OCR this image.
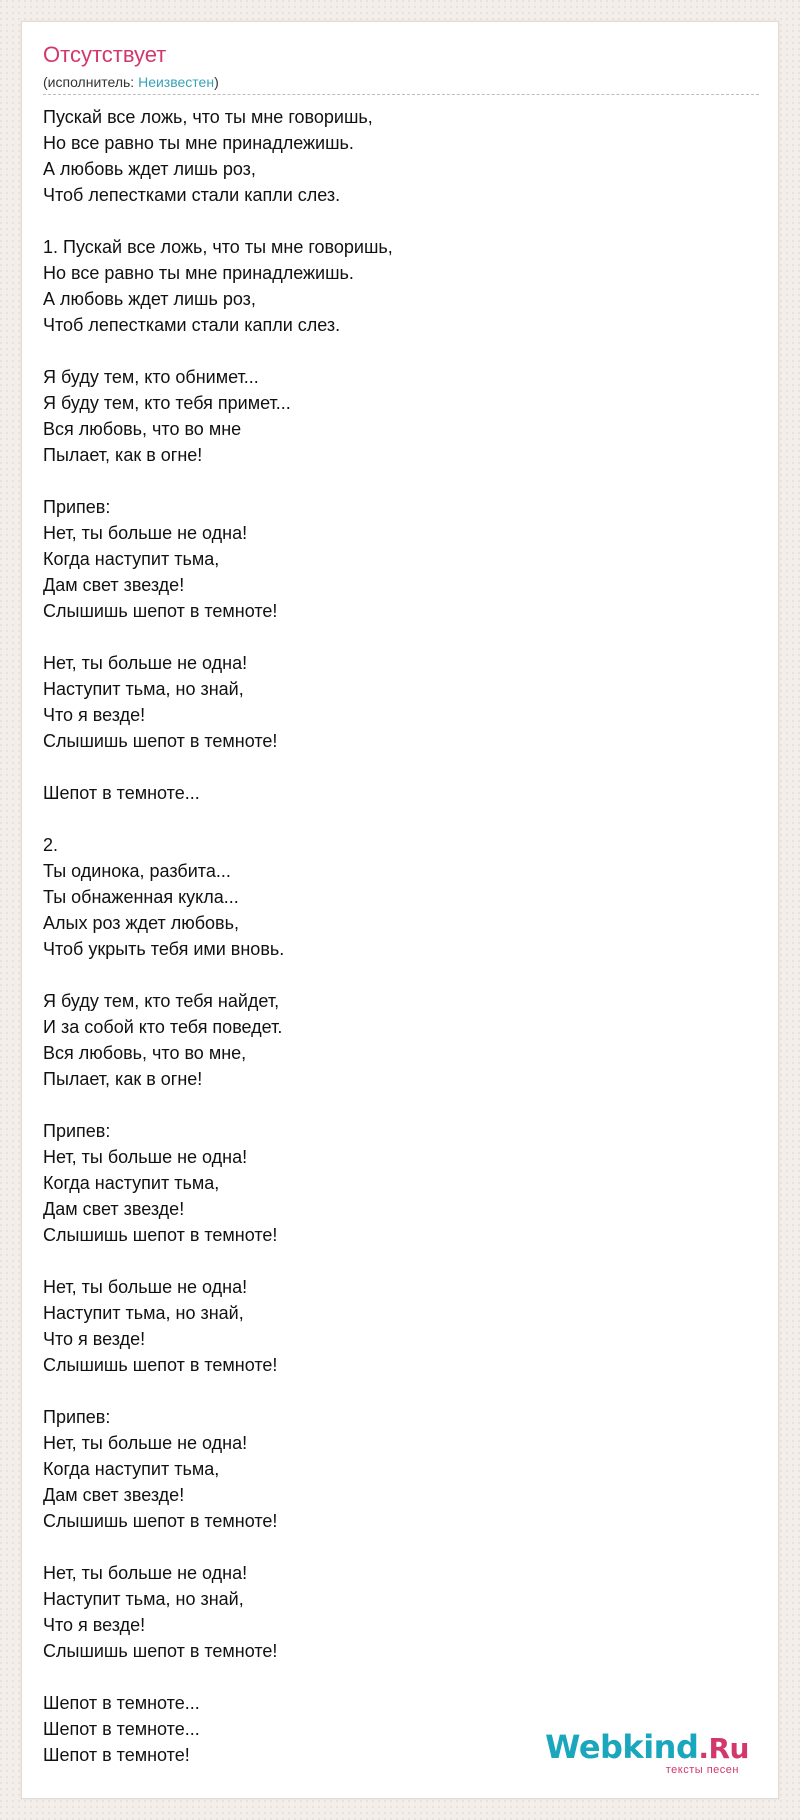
Отсутствует
(исполнитель: Неизвестен)
Пускай все ложь, что ты мне говоришь,
Но все равно ты мне принадлежишь.
А любовь ждет лишь роз,
Чтоб лепестками стали капли слез.

1. Пускай все ложь, что ты мне говоришь,
Но все равно ты мне принадлежишь.
А любовь ждет лишь роз,
Чтоб лепестками стали капли слез.

Я буду тем, кто обнимет...
Я буду тем, кто тебя примет...
Вся любовь, что во мне
Пылает, как в огне!

Припев:
Нет, ты больше не одна!
Когда наступит тьма,
Дам свет звезде!
Слышишь шепот в темноте!

Нет, ты больше не одна!
Наступит тьма, но знай,
Что я везде!
Слышишь шепот в темноте!

Шепот в темноте...

2.
Ты одинока, разбита...
Ты обнаженная кукла...
Алых роз ждет любовь,
Чтоб укрыть тебя ими вновь.

Я буду тем, кто тебя найдет,
И за собой кто тебя поведет.
Вся любовь, что во мне,
Пылает, как в огне!

Припев:
Нет, ты больше не одна!
Когда наступит тьма,
Дам свет звезде!
Слышишь шепот в темноте!

Нет, ты больше не одна!
Наступит тьма, но знай,
Что я везде!
Слышишь шепот в темноте!

Припев:
Нет, ты больше не одна!
Когда наступит тьма,
Дам свет звезде!
Слышишь шепот в темноте!

Нет, ты больше не одна!
Наступит тьма, но знай,
Что я везде!
Слышишь шепот в темноте!

Шепот в темноте...
Шепот в темноте...
Шепот в темноте!	Webkind.Ru
тексты песен
